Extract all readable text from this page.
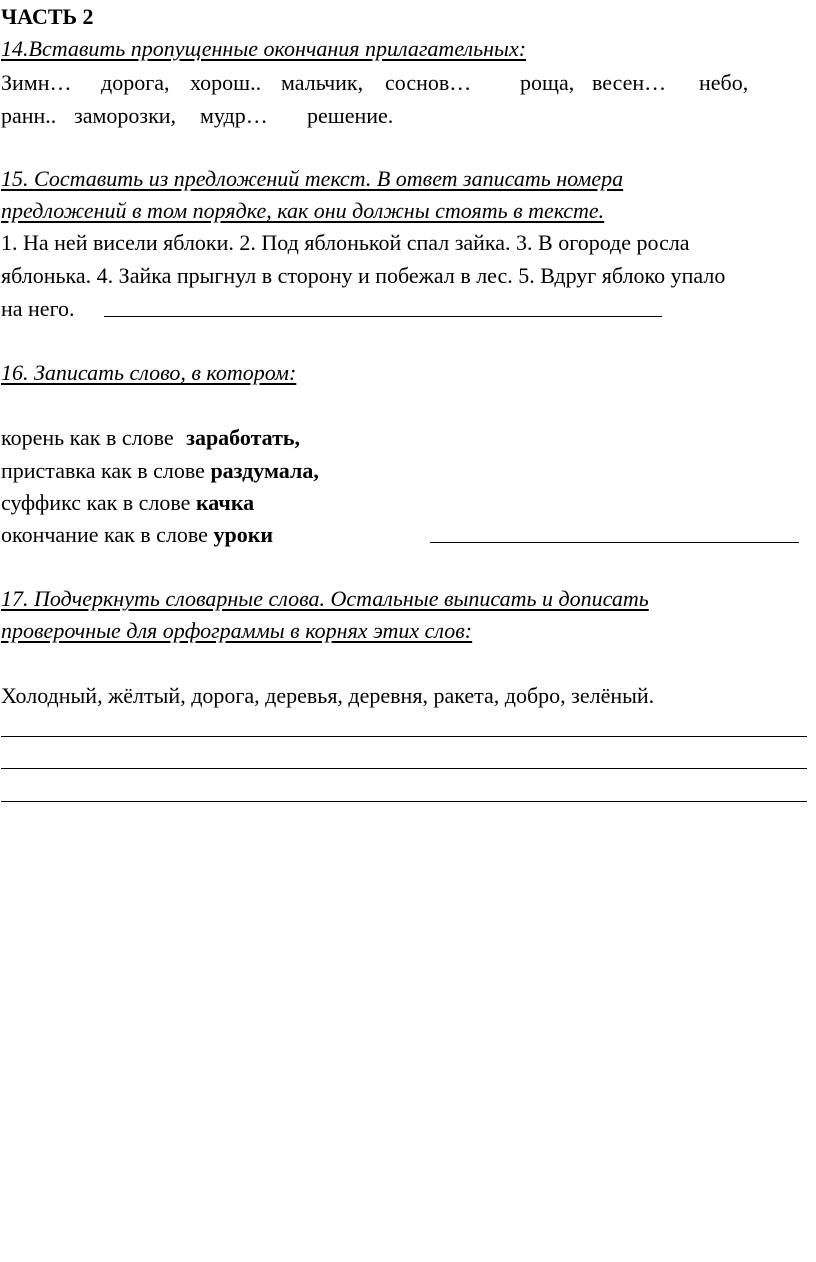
ЧАСТЬ 2
14.Вставить пропущенные окончания прилагательных:
Зимн… дорога, хорош.. мальчик, соснов… роща, весен… небо,
ранн.. заморозки, мудр… решение.
15. Составить из предложений текст. В ответ записать номера
предложений в том порядке, как они должны стоять в тексте.
1. На ней висели яблоки. 2. Под яблонькой спал зайка. 3. В огороде росла
яблонька. 4. Зайка прыгнул в сторону и побежал в лес. 5. Вдруг яблоко упало
на него.
16. Записать слово, в котором:
корень как в слове заработать,
приставка как в слове раздумала,
суффикс как в слове качка
окончание как в слове уроки
17. Подчеркнуть словарные слова. Остальные выписать и дописать
проверочные для орфограммы в корнях этих слов:
Холодный, жёлтый, дорога, деревья, деревня, ракета, добро, зелёный.
